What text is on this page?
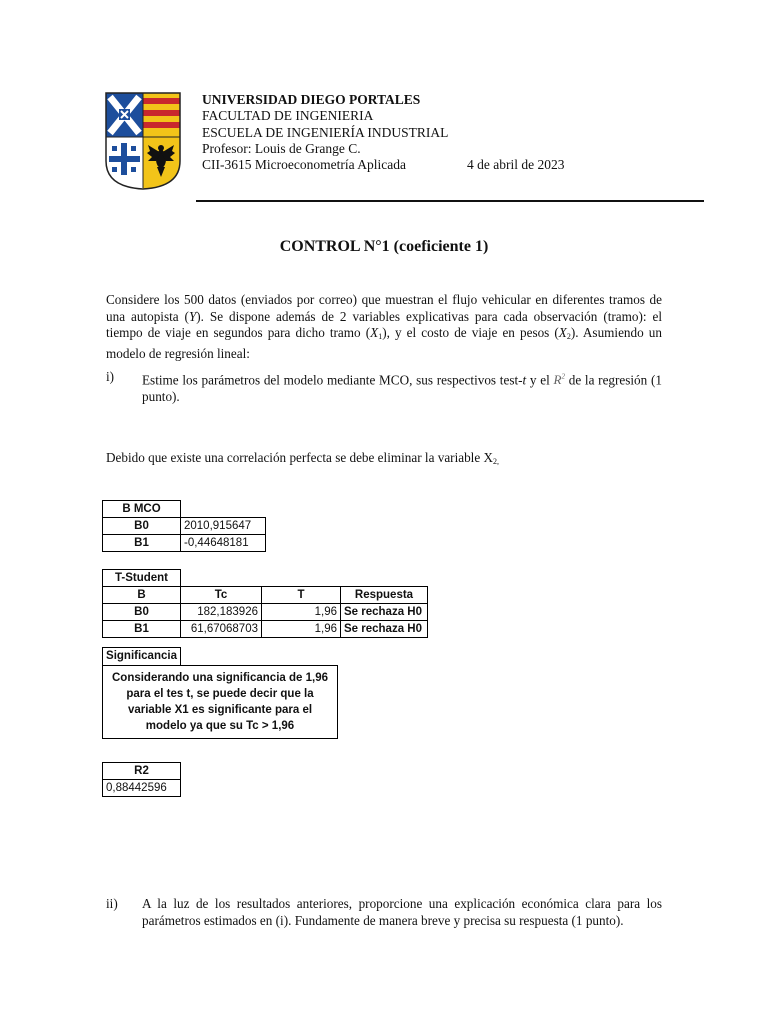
UNIVERSIDAD DIEGO PORTALES
FACULTAD DE INGENIERIA
ESCUELA DE INGENIERÍA INDUSTRIAL
Profesor: Louis de Grange C.
CII-3615 Microeconometría Aplicada	4 de abril de 2023
CONTROL N°1 (coeficiente 1)
Considere los 500 datos (enviados por correo) que muestran el flujo vehicular en diferentes tramos de una autopista (Y). Se dispone además de 2 variables explicativas para cada observación (tramo): el tiempo de viaje en segundos para dicho tramo $(X_1)$, y el costo de viaje en pesos $(X_2)$. Asumiendo un modelo de regresión lineal:
i) Estime los parámetros del modelo mediante MCO, sus respectivos test-t y el $R^2$ de la regresión (1 punto).
Debido que existe una correlación perfecta se debe eliminar la variable $X_{2,}$
B MCO	
B0	2010,915647
B1	-0,44648181
T-Student			
B	Tc	T	Respuesta
B0	182,183926	1,96	Se rechaza H0
B1	61,67068703	1,96	Se rechaza H0
Significancia
Considerando una significancia de 1,96 para el tes t, se puede decir que la variable X1 es significante para el modelo ya que su Tc > 1,96
R2
0,88442596
ii) A la luz de los resultados anteriores, proporcione una explicación económica clara para los parámetros estimados en (i). Fundamente de manera breve y precisa su respuesta (1 punto).
